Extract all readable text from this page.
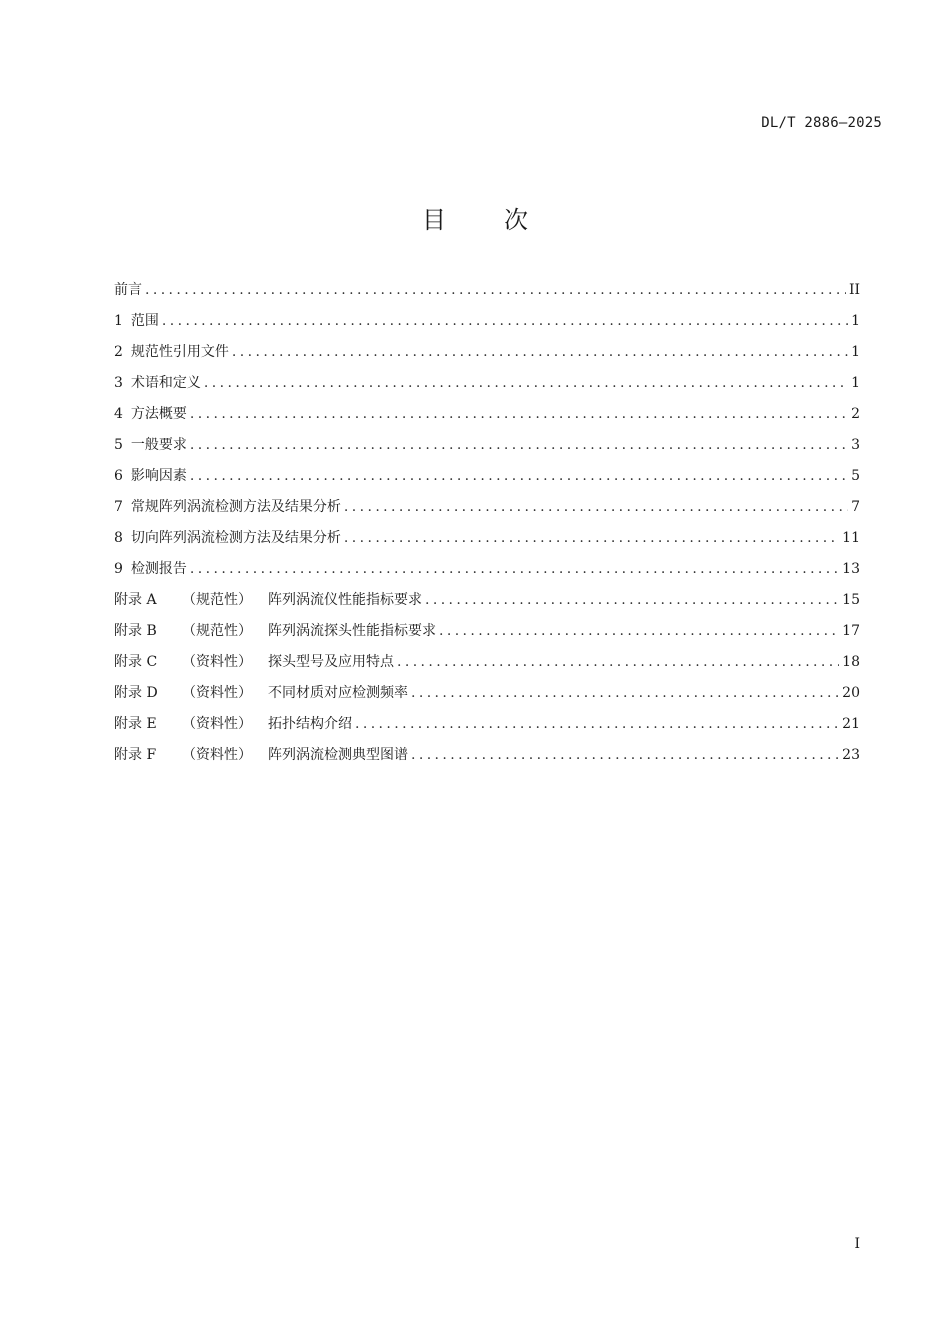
DL/T 2886—2025
目 次
前言 .....	II
1 范围 .....	1
2 规范性引用文件 .....	1
3 术语和定义 .....	1
4 方法概要 .....	2
5 一般要求 .....	3
6 影响因素 .....	5
7 常规阵列涡流检测方法及结果分析 .....	7
8 切向阵列涡流检测方法及结果分析 .....	11
9 检测报告 .....	13
附录 A	（规范性）	阵列涡流仪性能指标要求 .....	15
附录 B	（规范性）	阵列涡流探头性能指标要求 .....	17
附录 C	（资料性）	探头型号及应用特点 .....	18
附录 D	（资料性）	不同材质对应检测频率 .....	20
附录 E	（资料性）	拓扑结构介绍 .....	21
附录 F	（资料性）	阵列涡流检测典型图谱 .....	23
I
